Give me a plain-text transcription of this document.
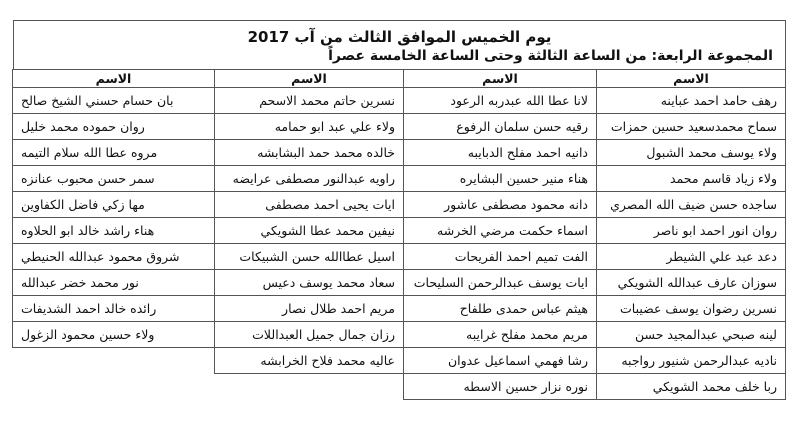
يوم الخميس الموافق الثالث من آب 2017
المجموعة الرابعة: من الساعة الثالثة وحتى الساعة الخامسة عصراً
الاسم	الاسم	الاسم	الاسم
رهف حامد احمد عباينه	لانا عطا الله عبدربه الرعود	نسرين حاتم محمد الاسحم	بان حسام حسني الشيخ صالح
سماح محمدسعيد حسين حمزات	رقيه حسن سلمان الرفوع	ولاء علي عبد ابو حمامه	روان حموده محمد خليل
ولاء يوسف محمد الشبول	دانيه احمد مفلح الدبايبه	خالده محمد حمد البشابشه	مروه عطا الله سلام التيمه
ولاء زياد قاسم محمد	هناء منير حسين البشايره	راويه عبدالنور مصطفى عرايضه	سمر حسن محبوب عنانزه
ساجده حسن ضيف الله المصري	دانه محمود مصطفى عاشور	ايات يحيى احمد مصطفى	مها زكي فاضل الكفاوين
روان انور احمد ابو ناصر	اسماء حكمت مرضي الخرشه	نيفين محمد عطا الشويكي	هناء راشد خالد ابو الحلاوه
دعد عبد علي الشيطر	الفت تميم احمد الفريحات	اسيل عطاالله حسن الشبيكات	شروق محمود عبدالله الحنيطي
سوزان عارف عبدالله الشويكي	ايات يوسف عبدالرحمن السليحات	سعاد محمد يوسف دعيس	نور محمد خضر عبدالله
نسرين رضوان يوسف عضيبات	هيثم عباس حمدى طلفاح	مريم احمد طلال نصار	رائده خالد احمد الشديفات
لينه صبحي عبدالمجيد حسن	مريم محمد مفلح غرايبه	رزان جمال جميل العبداللات	ولاء حسين محمود الزغول
ناديه عبدالرحمن شنيور رواجبه	رشا فهمي اسماعيل عدوان	عاليه محمد فلاح الخرابشه	
ربا خلف محمد الشويكي	نوره نزار حسين الاسطه		
